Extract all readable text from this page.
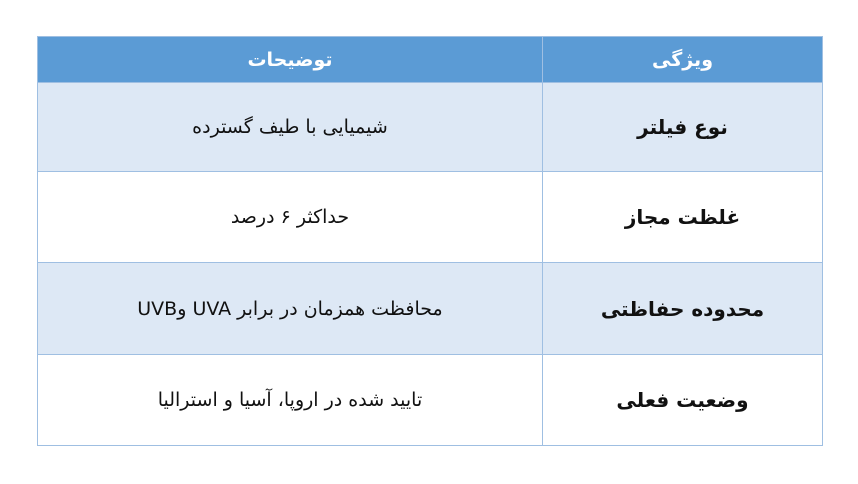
ویژگی	توضیحات
نوع فیلتر	شیمیایی با طیف گسترده
غلظت مجاز	حداکثر ۶ درصد
محدوده حفاظتی	محافظت همزمان در برابر UVA وUVB
وضعیت فعلی	تایید شده در اروپا، آسیا و استرالیا
